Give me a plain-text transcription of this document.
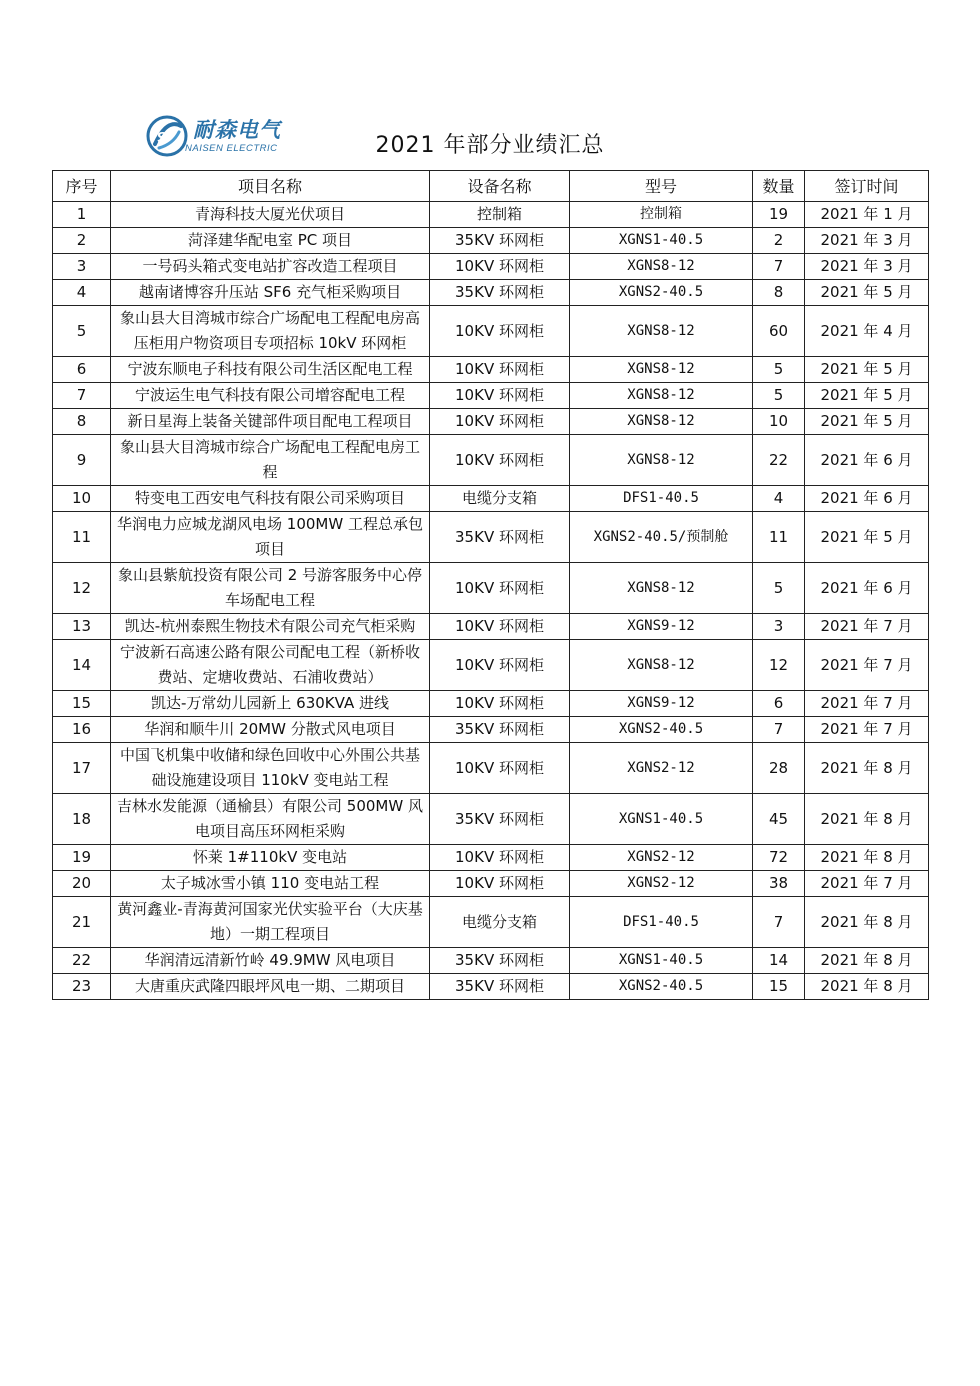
S 耐森电气
NAISEN ELECTRIC	2021 年部分业绩汇总
序号	项目名称	设备名称	型号	数量	签订时间
1	青海科技大厦光伏项目	控制箱	控制箱	19	2021 年 1 月
2	菏泽建华配电室 PC 项目	35KV 环网柜	XGNS1-40.5	2	2021 年 3 月
3	一号码头箱式变电站扩容改造工程项目	10KV 环网柜	XGNS8-12	7	2021 年 3 月
4	越南诸博容升压站 SF6 充气柜采购项目	35KV 环网柜	XGNS2-40.5	8	2021 年 5 月
5	象山县大目湾城市综合广场配电工程配电房高压柜用户物资项目专项招标 10kV 环网柜	10KV 环网柜	XGNS8-12	60	2021 年 4 月
6	宁波东顺电子科技有限公司生活区配电工程	10KV 环网柜	XGNS8-12	5	2021 年 5 月
7	宁波运生电气科技有限公司增容配电工程	10KV 环网柜	XGNS8-12	5	2021 年 5 月
8	新日星海上装备关键部件项目配电工程项目	10KV 环网柜	XGNS8-12	10	2021 年 5 月
9	象山县大目湾城市综合广场配电工程配电房工程	10KV 环网柜	XGNS8-12	22	2021 年 6 月
10	特变电工西安电气科技有限公司采购项目	电缆分支箱	DFS1-40.5	4	2021 年 6 月
11	华润电力应城龙湖风电场 100MW 工程总承包项目	35KV 环网柜	XGNS2-40.5/预制舱	11	2021 年 5 月
12	象山县紫航投资有限公司 2 号游客服务中心停车场配电工程	10KV 环网柜	XGNS8-12	5	2021 年 6 月
13	凯达-杭州泰熙生物技术有限公司充气柜采购	10KV 环网柜	XGNS9-12	3	2021 年 7 月
14	宁波新石高速公路有限公司配电工程（新桥收费站、定塘收费站、石浦收费站）	10KV 环网柜	XGNS8-12	12	2021 年 7 月
15	凯达-万常幼儿园新上 630KVA 进线	10KV 环网柜	XGNS9-12	6	2021 年 7 月
16	华润和顺牛川 20MW 分散式风电项目	35KV 环网柜	XGNS2-40.5	7	2021 年 7 月
17	中国飞机集中收储和绿色回收中心外围公共基础设施建设项目 110kV 变电站工程	10KV 环网柜	XGNS2-12	28	2021 年 8 月
18	吉林水发能源（通榆县）有限公司 500MW 风电项目高压环网柜采购	35KV 环网柜	XGNS1-40.5	45	2021 年 8 月
19	怀莱 1#110kV 变电站	10KV 环网柜	XGNS2-12	72	2021 年 8 月
20	太子城冰雪小镇 110 变电站工程	10KV 环网柜	XGNS2-12	38	2021 年 7 月
21	黄河鑫业-青海黄河国家光伏实验平台（大庆基地）一期工程项目	电缆分支箱	DFS1-40.5	7	2021 年 8 月
22	华润清远清新竹岭 49.9MW 风电项目	35KV 环网柜	XGNS1-40.5	14	2021 年 8 月
23	大唐重庆武隆四眼坪风电一期、二期项目	35KV 环网柜	XGNS2-40.5	15	2021 年 8 月
